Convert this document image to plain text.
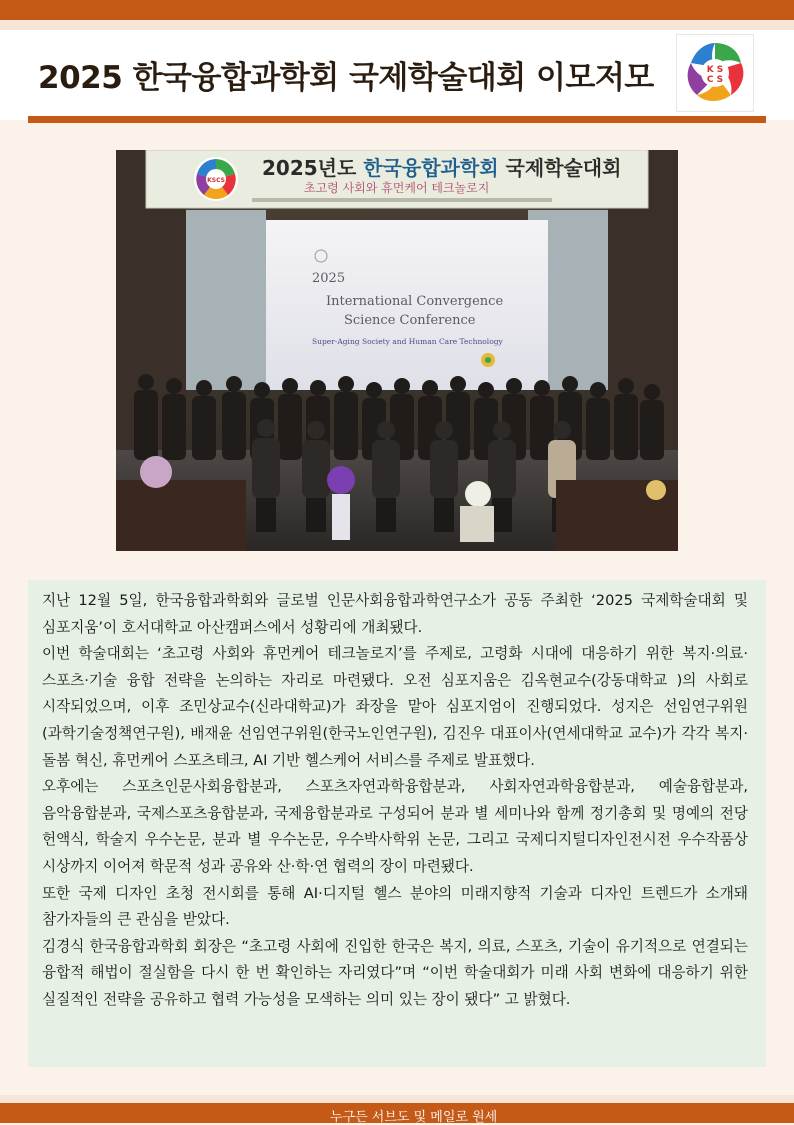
2025 한국융합과학회 국제학술대회 이모저모	K S
C S
KSCS
2025년도 한국융합과학회 국제학술대회
초고령 사회와 휴먼케어 테크놀로지
2025
International Convergence
Science Conference
Super-Aging Society and Human Care Technology

지난 12월 5일, 한국융합과학회와 글로벌 인문사회융합과학연구소가 공동 주최한 ‘2025 국제학술대회 및 심포지움’이 호서대학교 아산캠퍼스에서 성황리에 개최됐다.

이번 학술대회는 ‘초고령 사회와 휴먼케어 테크놀로지’를 주제로, 고령화 시대에 대응하기 위한 복지·의료·스포츠·기술 융합 전략을 논의하는 자리로 마련됐다. 오전 심포지움은 김옥현교수(강동대학교 )의 사회로 시작되었으며, 이후 조민상교수(신라대학교)가 좌장을 맡아 심포지엄이 진행되었다. 성지은 선임연구위원(과학기술정책연구원), 배재윤 선임연구위원(한국노인연구원), 김진우 대표이사(연세대학교 교수)가 각각 복지·돌봄 혁신, 휴먼케어 스포츠테크, AI 기반 헬스케어 서비스를 주제로 발표했다.

오후에는 스포츠인문사회융합분과, 스포츠자연과학융합분과, 사회자연과학융합분과, 예술융합분과, 음악융합분과, 국제스포츠융합분과, 국제융합분과로 구성되어 분과 별 세미나와 함께 정기총회 및 명예의 전당 헌액식, 학술지 우수논문, 분과 별 우수논문, 우수박사학위 논문, 그리고 국제디지털디자인전시전 우수작품상 시상까지 이어져 학문적 성과 공유와 산·학·연 협력의 장이 마련됐다.

또한 국제 디자인 초청 전시회를 통해 AI·디지털 헬스 분야의 미래지향적 기술과 디자인 트렌드가 소개돼 참가자들의 큰 관심을 받았다.

김경식 한국융합과학회 회장은 “초고령 사회에 진입한 한국은 복지, 의료, 스포츠, 기술이 유기적으로 연결되는 융합적 해법이 절실함을 다시 한 번 확인하는 자리였다”며 “이번 학술대회가 미래 사회 변화에 대응하기 위한 실질적인 전략을 공유하고 협력 가능성을 모색하는 의미 있는 장이 됐다” 고 밝혔다.

누구든 서브도 및 메일로 원세
